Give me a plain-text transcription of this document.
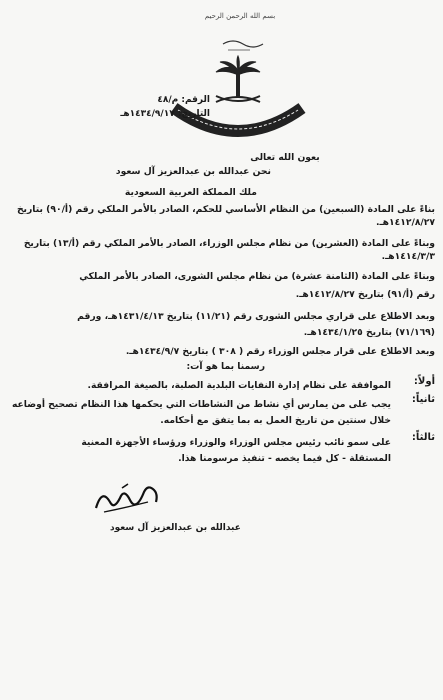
بسم الله الرحمن الرحيم
الرقم: م/٤٨
التاريخ: ١٤٣٤/٩/١٧هـ
بعون الله تعالى
نحن عبدالله بن عبدالعزيز آل سعود
ملك المملكة العربية السعودية
بناءً على المادة (السبعين) من النظام الأساسي للحكم، الصادر بالأمر الملكي رقم (أ/٩٠) بتاريخ
١٤١٢/٨/٢٧هـ.
وبناءً على المادة (العشرين) من نظام مجلس الوزراء، الصادر بالأمر الملكي رقم (أ/١٣) بتاريخ
١٤١٤/٣/٣هـ.
وبناءً على المادة (الثامنة عشرة) من نظام مجلس الشورى، الصادر بالأمر الملكي
رقم (أ/٩١) بتاريخ ١٤١٢/٨/٢٧هـ.
وبعد الاطلاع على قراري مجلس الشورى رقم (١١/٢١) بتاريخ ١٤٣١/٤/١٣هـ، ورقم
(٧١/١٦٩) بتاريخ ١٤٣٤/١/٢٥هـ.
وبعد الاطلاع على قرار مجلس الوزراء رقم ( ٣٠٨ ) بتاريخ ١٤٣٤/٩/٧هـ.
رسمنا بما هو آت:
أولاً:
الموافقة على نظام إدارة النفايات البلدية الصلبة، بالصيغة المرافقة.
ثانياً:
يجب على من يمارس أي نشاط من النشاطات التي يحكمها هذا النظام تصحيح أوضاعه
خلال سنتين من تاريخ العمل به بما يتفق مع أحكامه.
ثالثاً:
على سمو نائب رئيس مجلس الوزراء والوزراء ورؤساء الأجهزة المعنية
المستقلة - كل فيما يخصه - تنفيذ مرسومنا هذا.
عبدالله بن عبدالعزيز آل سعود
